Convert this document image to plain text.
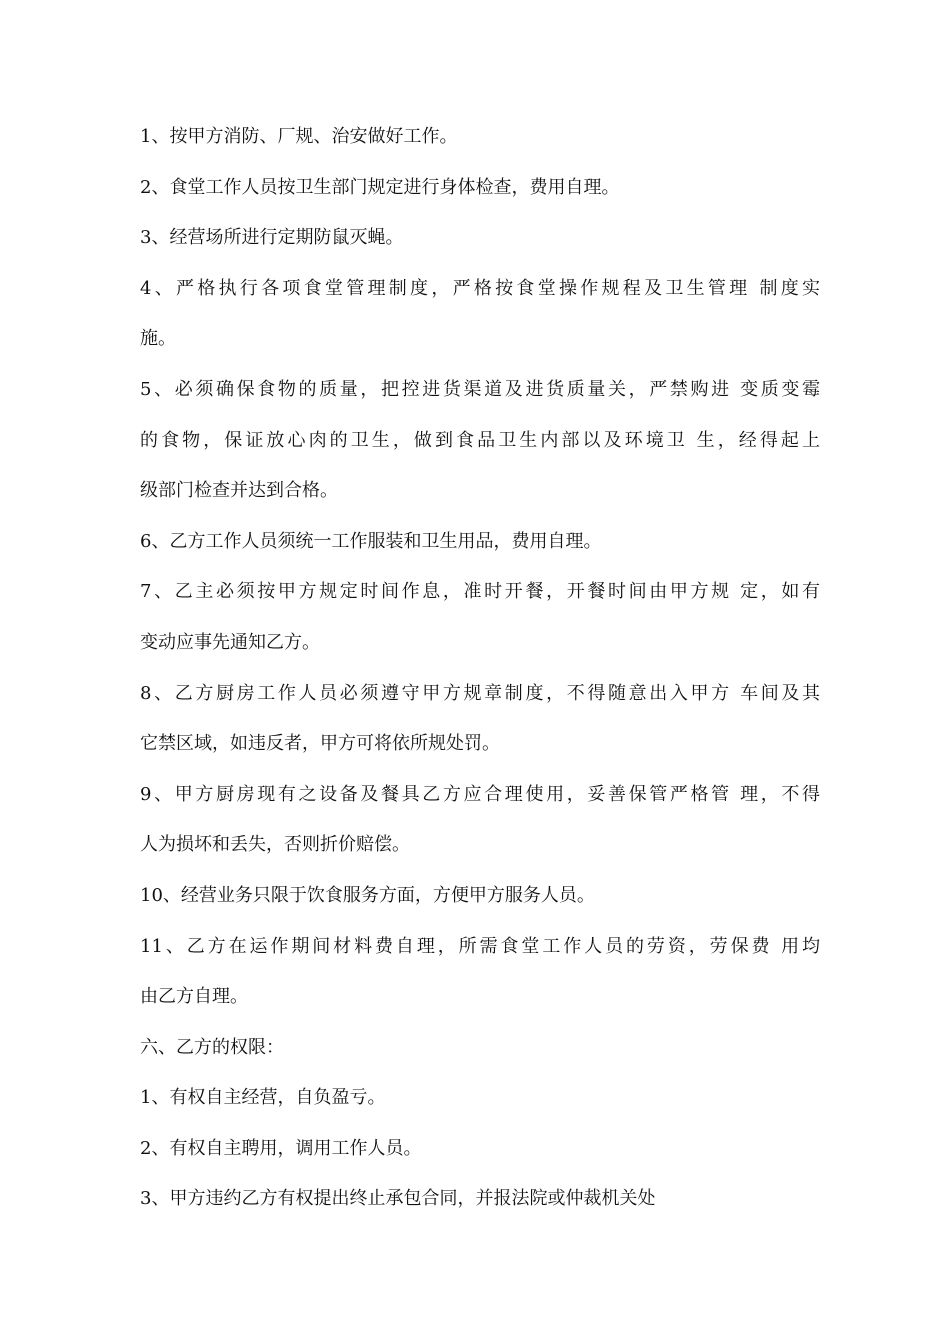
1、按甲方消防、厂规、治安做好工作。

2、食堂工作人员按卫生部门规定进行身体检查，费用自理。

3、经营场所进行定期防鼠灭蝇。

4、严格执行各项食堂管理制度，严格按食堂操作规程及卫生管理 制度实

施。

5、必须确保食物的质量，把控进货渠道及进货质量关，严禁购进 变质变霉

的食物，保证放心肉的卫生，做到食品卫生内部以及环境卫 生，经得起上

级部门检查并达到合格。

6、乙方工作人员须统一工作服装和卫生用品，费用自理。

7、乙主必须按甲方规定时间作息，准时开餐，开餐时间由甲方规 定，如有

变动应事先通知乙方。

8、乙方厨房工作人员必须遵守甲方规章制度，不得随意出入甲方 车间及其

它禁区域，如违反者，甲方可将依所规处罚。

9、甲方厨房现有之设备及餐具乙方应合理使用，妥善保管严格管 理，不得

人为损坏和丢失，否则折价赔偿。

10、经营业务只限于饮食服务方面，方便甲方服务人员。

11、乙方在运作期间材料费自理，所需食堂工作人员的劳资，劳保费 用均

由乙方自理。

六、乙方的权限：

1、有权自主经营，自负盈亏。

2、有权自主聘用，调用工作人员。

3、甲方违约乙方有权提出终止承包合同，并报法院或仲裁机关处
